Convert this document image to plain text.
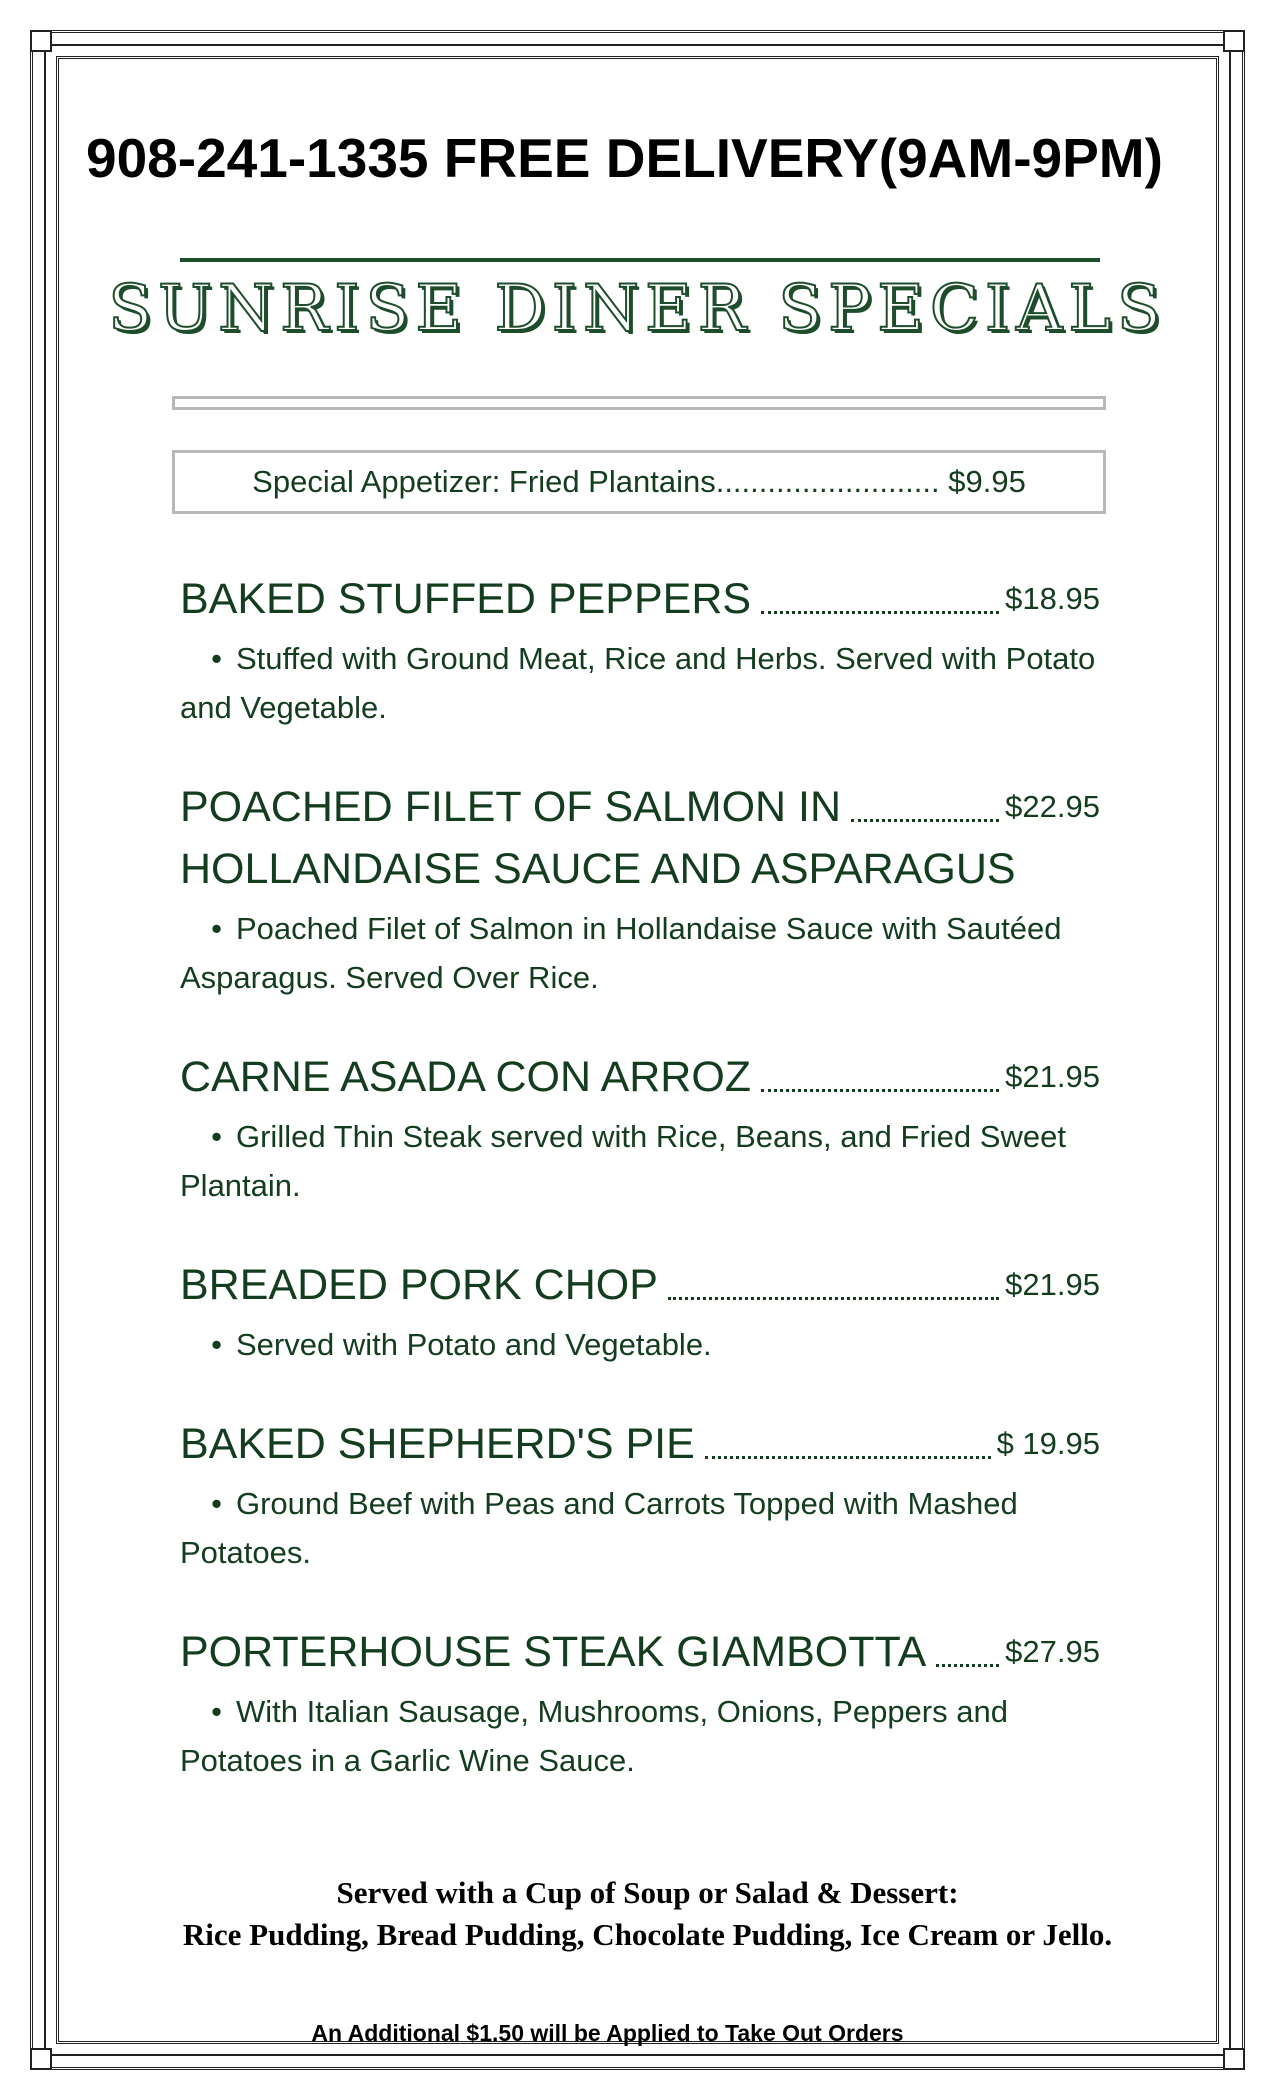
908-241-1335 FREE DELIVERY(9AM-9PM)
SUNRISE DINER SPECIALS
Special Appetizer: Fried Plantains.......................... $9.95
BAKED STUFFED PEPPERS	$18.95
• Stuffed with Ground Meat, Rice and Herbs. Served with Potato and Vegetable.
POACHED FILET OF SALMON IN	$22.95
HOLLANDAISE SAUCE AND ASPARAGUS
• Poached Filet of Salmon in Hollandaise Sauce with Sautéed Asparagus. Served Over Rice.
CARNE ASADA CON ARROZ	$21.95
• Grilled Thin Steak served with Rice, Beans, and Fried Sweet Plantain.
BREADED PORK CHOP	$21.95
• Served with Potato and Vegetable.
BAKED SHEPHERD'S PIE	$ 19.95
• Ground Beef with Peas and Carrots Topped with Mashed Potatoes.
PORTERHOUSE STEAK GIAMBOTTA	$27.95
• With Italian Sausage, Mushrooms, Onions, Peppers and Potatoes in a Garlic Wine Sauce.
Served with a Cup of Soup or Salad & Dessert:
Rice Pudding, Bread Pudding, Chocolate Pudding, Ice Cream or Jello.
An Additional $1.50 will be Applied to Take Out Orders
